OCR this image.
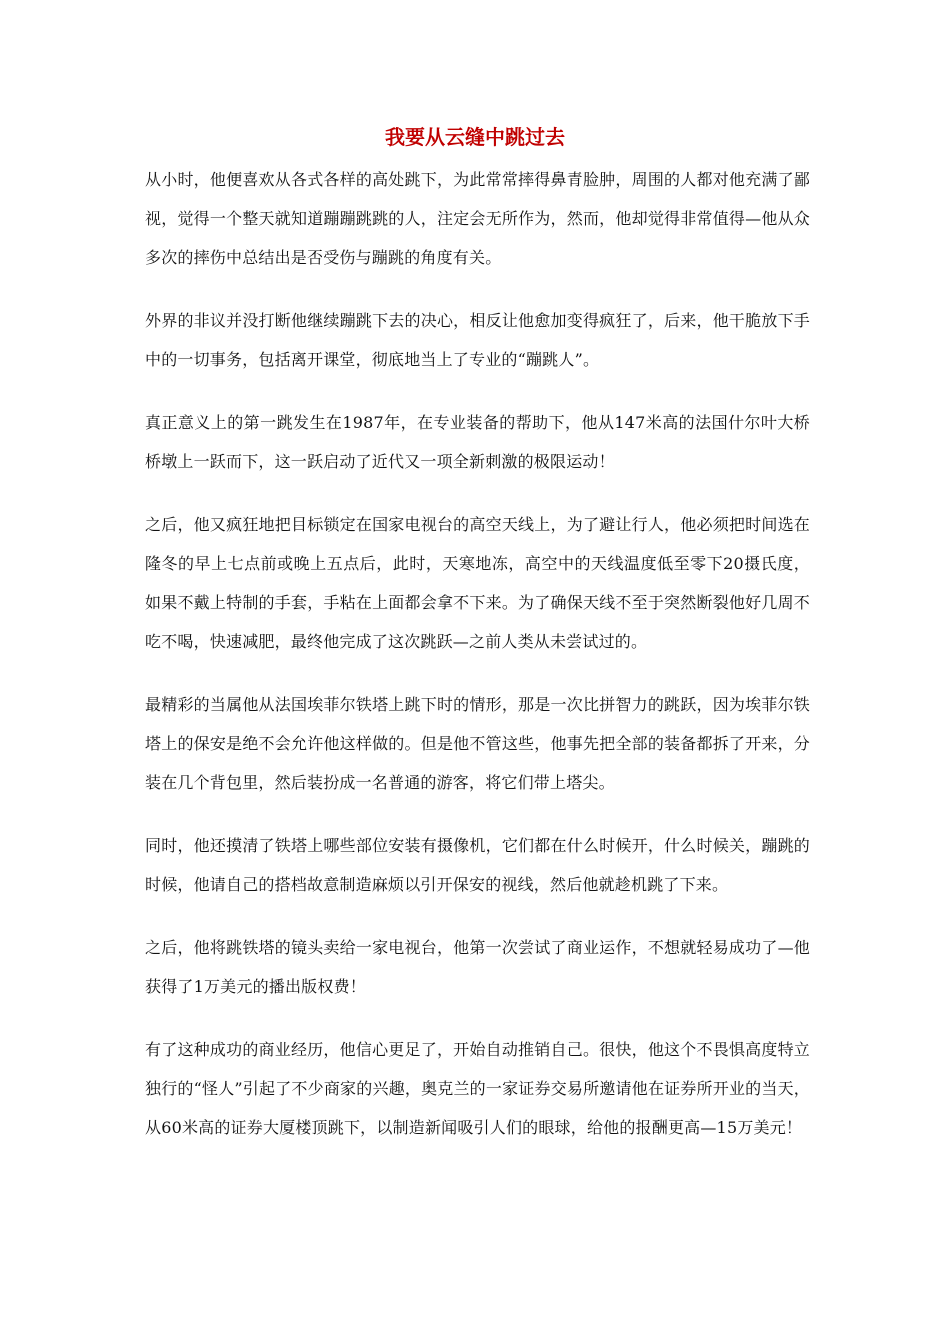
我要从云缝中跳过去

从小时，他便喜欢从各式各样的高处跳下，为此常常摔得鼻青脸肿，周围的人都对他充满了鄙视，觉得一个整天就知道蹦蹦跳跳的人，注定会无所作为，然而，他却觉得非常值得—他从众多次的摔伤中总结出是否受伤与蹦跳的角度有关。

外界的非议并没打断他继续蹦跳下去的决心，相反让他愈加变得疯狂了，后来，他干脆放下手中的一切事务，包括离开课堂，彻底地当上了专业的“蹦跳人”。

真正意义上的第一跳发生在1987年，在专业装备的帮助下，他从147米高的法国什尔叶大桥桥墩上一跃而下，这一跃启动了近代又一项全新刺激的极限运动！

之后，他又疯狂地把目标锁定在国家电视台的高空天线上，为了避让行人，他必须把时间选在隆冬的早上七点前或晚上五点后，此时，天寒地冻，高空中的天线温度低至零下20摄氏度，如果不戴上特制的手套，手粘在上面都会拿不下来。为了确保天线不至于突然断裂他好几周不吃不喝，快速减肥，最终他完成了这次跳跃—之前人类从未尝试过的。

最精彩的当属他从法国埃菲尔铁塔上跳下时的情形，那是一次比拼智力的跳跃，因为埃菲尔铁塔上的保安是绝不会允许他这样做的。但是他不管这些，他事先把全部的装备都拆了开来，分装在几个背包里，然后装扮成一名普通的游客，将它们带上塔尖。

同时，他还摸清了铁塔上哪些部位安装有摄像机，它们都在什么时候开，什么时候关，蹦跳的时候，他请自己的搭档故意制造麻烦以引开保安的视线，然后他就趁机跳了下来。

之后，他将跳铁塔的镜头卖给一家电视台，他第一次尝试了商业运作，不想就轻易成功了—他获得了1万美元的播出版权费！

有了这种成功的商业经历，他信心更足了，开始自动推销自己。很快，他这个不畏惧高度特立独行的“怪人”引起了不少商家的兴趣，奥克兰的一家证券交易所邀请他在证券所开业的当天，从60米高的证券大厦楼顶跳下，以制造新闻吸引人们的眼球，给他的报酬更高—15万美元！
